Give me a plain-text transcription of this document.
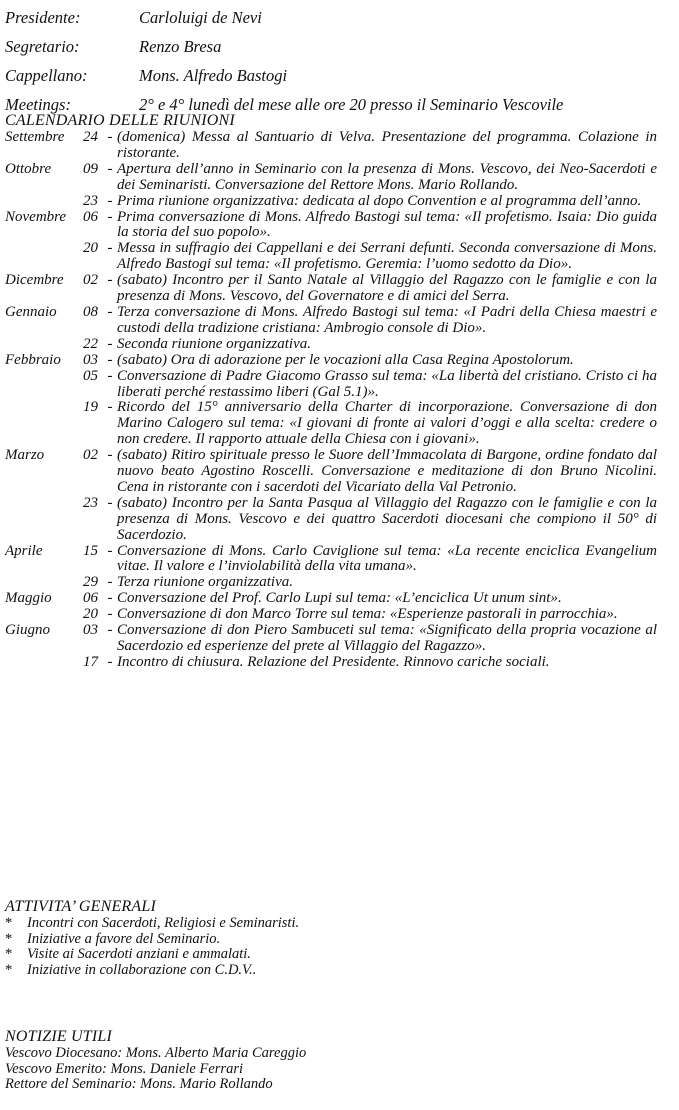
Presidente:	Carloluigi de Nevi
Segretario:	Renzo Bresa
Cappellano:	Mons. Alfredo Bastogi
Meetings:	2° e 4° lunedì del mese alle ore 20 presso il Seminario Vescovile
CALENDARIO DELLE RIUNIONI
Settembre	24 - (domenica) Messa al Santuario di Velva. Presentazione del programma. Colazione in ristorante.
Ottobre	09 - Apertura dell’anno in Seminario con la presenza di Mons. Vescovo, dei Neo-Sacerdoti e dei Seminaristi. Conversazione del Rettore Mons. Mario Rollando.
23 - Prima riunione organizzativa: dedicata al dopo Convention e al programma dell’anno.
Novembre	06 - Prima conversazione di Mons. Alfredo Bastogi sul tema: «Il profetismo. Isaia: Dio guida la storia del suo popolo».
20 - Messa in suffragio dei Cappellani e dei Serrani defunti. Seconda conversazione di Mons. Alfredo Bastogi sul tema: «Il profetismo. Geremia: l’uomo sedotto da Dio».
Dicembre	02 - (sabato) Incontro per il Santo Natale al Villaggio del Ragazzo con le famiglie e con la presenza di Mons. Vescovo, del Governatore e di amici del Serra.
Gennaio	08 - Terza conversazione di Mons. Alfredo Bastogi sul tema: «I Padri della Chiesa maestri e custodi della tradizione cristiana: Ambrogio console di Dio».
22 - Seconda riunione organizzativa.
Febbraio	03 - (sabato) Ora di adorazione per le vocazioni alla Casa Regina Apostolorum.
05 - Conversazione di Padre Giacomo Grasso sul tema: «La libertà del cristiano. Cristo ci ha liberati perché restassimo liberi (Gal 5.1)».
19 - Ricordo del 15° anniversario della Charter di incorporazione. Conversazione di don Marino Calogero sul tema: «I giovani di fronte ai valori d’oggi e alla scelta: credere o non credere. Il rapporto attuale della Chiesa con i giovani».
Marzo	02 - (sabato) Ritiro spirituale presso le Suore dell’Immacolata di Bargone, ordine fondato dal nuovo beato Agostino Roscelli. Conversazione e meditazione di don Bruno Nicolini. Cena in ristorante con i sacerdoti del Vicariato della Val Petronio.
23 - (sabato) Incontro per la Santa Pasqua al Villaggio del Ragazzo con le famiglie e con la presenza di Mons. Vescovo e dei quattro Sacerdoti diocesani che compiono il 50° di Sacerdozio.
Aprile	15 - Conversazione di Mons. Carlo Caviglione sul tema: «La recente enciclica Evangelium vitae. Il valore e l’inviolabilità della vita umana».
29 - Terza riunione organizzativa.
Maggio	06 - Conversazione del Prof. Carlo Lupi sul tema: «L’enciclica Ut unum sint».
20 - Conversazione di don Marco Torre sul tema: «Esperienze pastorali in parrocchia».
Giugno	03 - Conversazione di don Piero Sambuceti sul tema: «Significato della propria vocazione al Sacerdozio ed esperienze del prete al Villaggio del Ragazzo».
17 - Incontro di chiusura. Relazione del Presidente. Rinnovo cariche sociali.
ATTIVITA’ GENERALI
*	Incontri con Sacerdoti, Religiosi e Seminaristi.
*	Iniziative a favore del Seminario.
*	Visite ai Sacerdoti anziani e ammalati.
*	Iniziative in collaborazione con C.D.V..
NOTIZIE UTILI
Vescovo Diocesano: Mons. Alberto Maria Careggio
Vescovo Emerito: Mons. Daniele Ferrari
Rettore del Seminario: Mons. Mario Rollando
